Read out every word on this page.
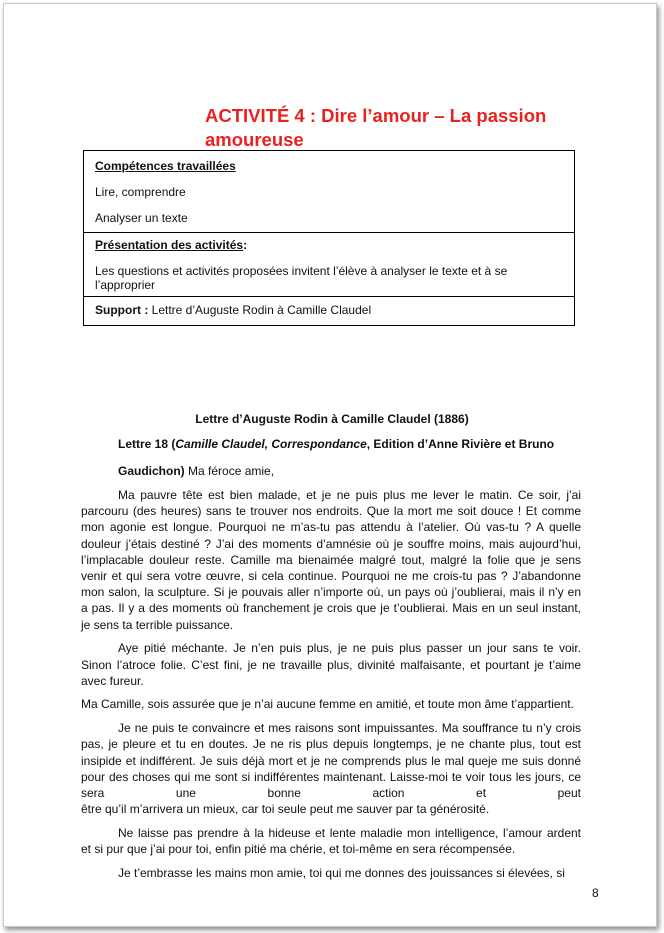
ACTIVITÉ 4 : Dire l’amour – La passion amoureuse
Compétences travaillées
Lire, comprendre
Analyser un texte
Présentation des activités:
Les questions et activités proposées invitent l’élève à analyser le texte et à se
l’approprier
Support : Lettre d’Auguste Rodin à Camille Claudel
Lettre d’Auguste Rodin à Camille Claudel (1886)
Lettre 18 (Camille Claudel, Correspondance, Edition d’Anne Rivière et Bruno
Gaudichon) Ma féroce amie,

Ma pauvre tête est bien malade, et je ne puis plus me lever le matin. Ce soir, j’ai
parcouru (des heures) sans te trouver nos endroits. Que la mort me soit douce ! Et comme
mon agonie est longue. Pourquoi ne m’as-tu pas attendu à l’atelier. Où vas-tu ? A quelle
douleur j’étais destiné ? J’ai des moments d’amnésie où je souffre moins, mais aujourd’hui,
l’implacable douleur reste. Camille ma bienaimée malgré tout, malgré la folie que je sens
venir et qui sera votre œuvre, si cela continue. Pourquoi ne me crois-tu pas ? J’abandonne
mon salon, la sculpture. Si je pouvais aller n’importe où, un pays où j’oublierai, mais il n’y en
a pas. Il y a des moments où franchement je crois que je t’oublierai. Mais en un seul instant,
je sens ta terrible puissance.

Aye pitié méchante. Je n’en puis plus, je ne puis plus passer un jour sans te voir.
Sinon l’atroce folie. C’est fini, je ne travaille plus, divinité malfaisante, et pourtant je t’aime
avec fureur.

Ma Camille, sois assurée que je n’ai aucune femme en amitié, et toute mon âme t’appartient.

Je ne puis te convaincre et mes raisons sont impuissantes. Ma souffrance tu n’y crois
pas, je pleure et tu en doutes. Je ne ris plus depuis longtemps, je ne chante plus, tout est
insipide et indifférent. Je suis déjà mort et je ne comprends plus le mal queje me suis donné
pour des choses qui me sont si indifférentes maintenant. Laisse-moi te voir tous les jours, ce
sera une bonne action et peut
être qu’il m’arrivera un mieux, car toi seule peut me sauver par ta générosité.

Ne laisse pas prendre à la hideuse et lente maladie mon intelligence, l’amour ardent
et si pur que j’ai pour toi, enfin pitié ma chérie, et toi-même en sera récompensée.

Je t’embrasse les mains mon amie, toi qui me donnes des jouissances si élevées, si

8
